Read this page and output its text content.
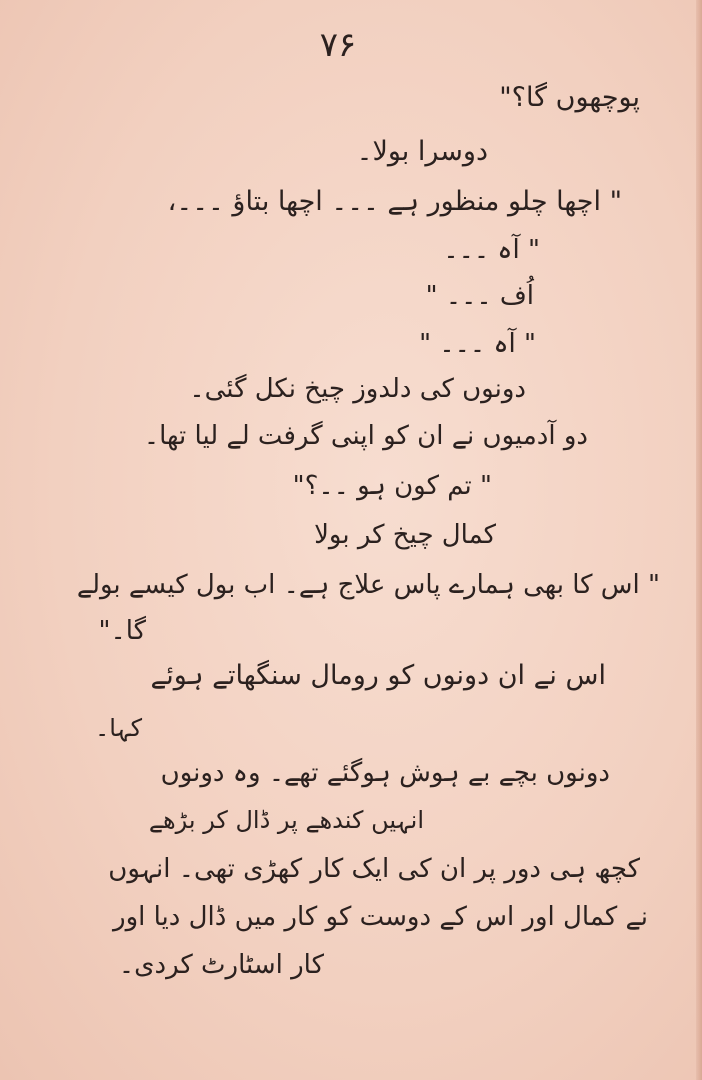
۷۶
پوچھوں گا؟"
دوسرا بولا۔
" اچھا چلو منظور ہے ۔۔۔ اچھا بتاؤ ۔۔۔،
" آہ ۔۔۔
اُف ۔۔۔ "
" آہ ۔۔۔ "
دونوں کی دلدوز چیخ نکل گئی۔
دو آدمیوں نے ان کو اپنی گرفت لے لیا تھا۔
" تم کون ہو ۔۔؟"
کمال چیخ کر بولا
" اس کا بھی ہمارے پاس علاج ہے۔ اب بول کیسے بولے
گا۔"
اس نے ان دونوں کو رومال سنگھاتے ہوئے
کہا۔
دونوں بچے بے ہوش ہوگئے تھے۔ وہ دونوں
انہیں کندھے پر ڈال کر بڑھے
کچھ ہی دور پر ان کی ایک کار کھڑی تھی۔ انہوں
نے کمال اور اس کے دوست کو کار میں ڈال دیا اور
کار اسٹارٹ کردی۔
